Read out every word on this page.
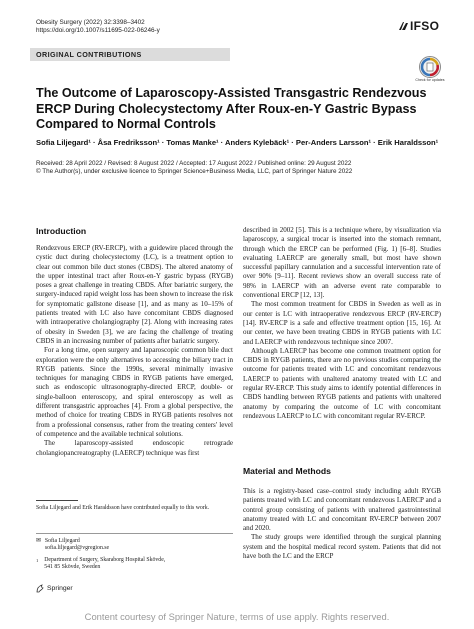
Obesity Surgery (2022) 32:3398–3402
https://doi.org/10.1007/s11695-022-06246-y	IFSO
ORIGINAL CONTRIBUTIONS
Check for updates
The Outcome of Laparoscopy-Assisted Transgastric Rendezvous ERCP During Cholecystectomy After Roux-en-Y Gastric Bypass Compared to Normal Controls
Sofia Liljegard¹ · Åsa Fredriksson¹ · Tomas Manke¹ · Anders Kylebäck¹ · Per-Anders Larsson¹ · Erik Haraldsson¹
Received: 28 April 2022 / Revised: 8 August 2022 / Accepted: 17 August 2022 / Published online: 29 August 2022
© The Author(s), under exclusive licence to Springer Science+Business Media, LLC, part of Springer Nature 2022
Introduction

Rendezvous ERCP (RV-ERCP), with a guidewire placed through the cystic duct during cholecystectomy (LC), is a treatment option to clear out common bile duct stones (CBDS). The altered anatomy of the upper intestinal tract after Roux-en-Y gastric bypass (RYGB) poses a great challenge in treating CBDS. After bariatric surgery, the surgery-induced rapid weight loss has been shown to increase the risk for symptomatic gallstone disease [1], and as many as 10–15% of patients treated with LC also have concomitant CBDS diagnosed with intraoperative cholangiography [2]. Along with increasing rates of obesity in Sweden [3], we are facing the challenge of treating CBDS in an increasing number of patients after bariatric surgery.

For a long time, open surgery and laparoscopic common bile duct exploration were the only alternatives to accessing the biliary tract in RYGB patients. Since the 1990s, several minimally invasive techniques for managing CBDS in RYGB patients have emerged, such as endoscopic ultrasonography-directed ERCP, double- or single-balloon enteroscopy, and spiral enteroscopy as well as different transgastric approaches [4]. From a global perspective, the method of choice for treating CBDS in RYGB patients resolves not from a professional consensus, rather from the treating centers' level of competence and the available technical solutions.

The laparoscopy-assisted endoscopic retrograde cholangiopancreatography (LAERCP) technique was first

described in 2002 [5]. This is a technique where, by visualization via laparoscopy, a surgical trocar is inserted into the stomach remnant, through which the ERCP can be performed (Fig. 1) [6–8]. Studies evaluating LAERCP are generally small, but most have shown successful papillary cannulation and a successful intervention rate of over 90% [9–11]. Recent reviews show an overall success rate of 98% in LAERCP with an adverse event rate comparable to conventional ERCP [12, 13].

The most common treatment for CBDS in Sweden as well as in our center is LC with intraoperative rendezvous ERCP (RV-ERCP) [14]. RV-ERCP is a safe and effective treatment option [15, 16]. At our center, we have been treating CBDS in RYGB patients with LC and LAERCP with rendezvous technique since 2007.

Although LAERCP has become one common treatment option for CBDS in RYGB patients, there are no previous studies comparing the outcome for patients treated with LC and concomitant rendezvous LAERCP to patients with unaltered anatomy treated with LC and regular RV-ERCP. This study aims to identify potential differences in CBDS handling between RYGB patients and patients with unaltered anatomy by comparing the outcome of LC with concomitant rendezvous LAERCP to LC with concomitant regular RV-ERCP.

Material and Methods

This is a registry-based case–control study including adult RYGB patients treated with LC and concomitant rendezvous LAERCP and a control group consisting of patients with unaltered gastrointestinal anatomy treated with LC and concomitant RV-ERCP between 2007 and 2020.

The study groups were identified through the surgical planning system and the hospital medical record system. Patients that did not have both the LC and the ERCP

Sofia Liljegard and Erik Haraldsson have contributed equally to this work.
✉ Sofia Liljegard
sofia.liljegard@vgregion.se
1 Department of Surgery, Skaraborg Hospital Skövde,
541 85 Skövde, Sweden
Springer
Content courtesy of Springer Nature, terms of use apply. Rights reserved.
